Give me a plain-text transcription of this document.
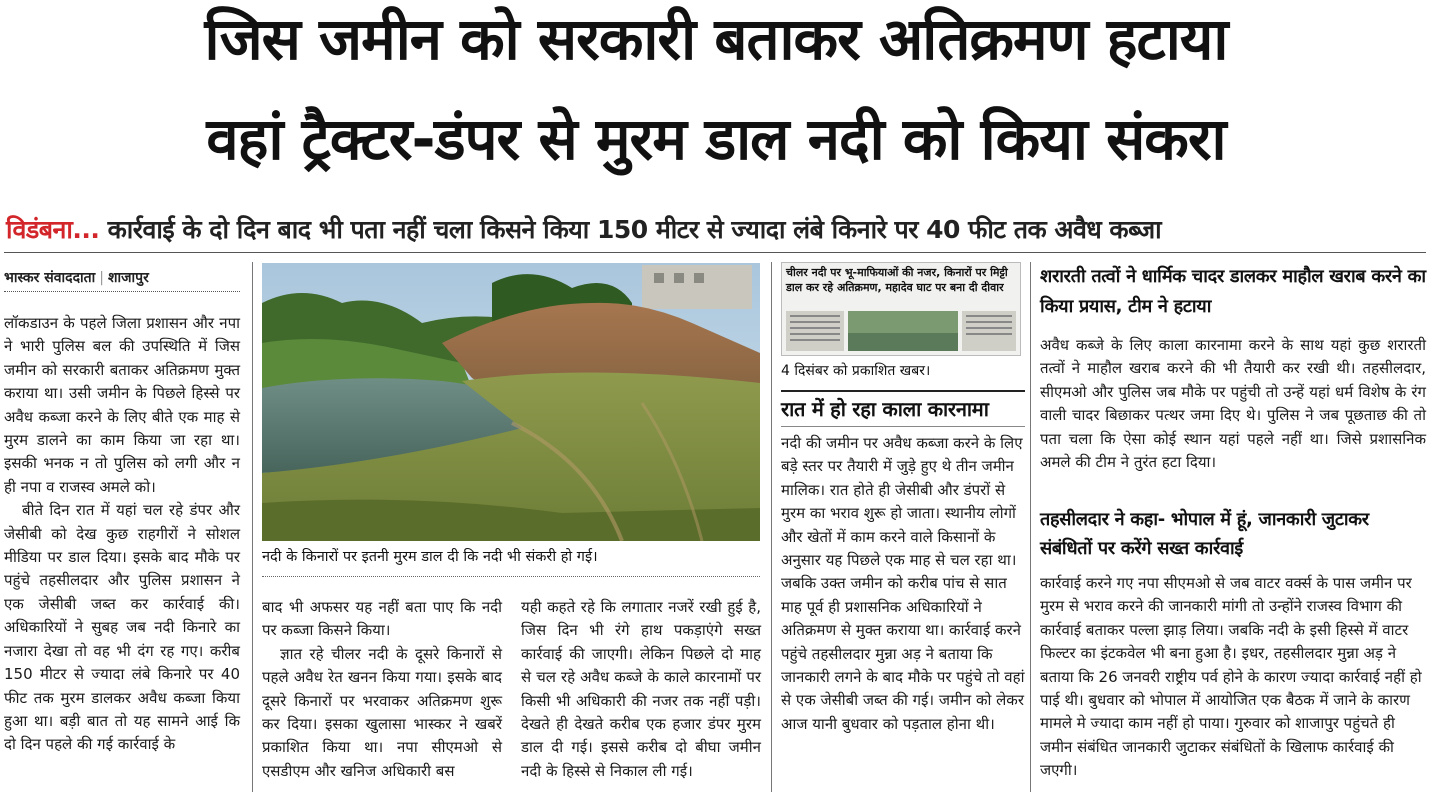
जिस जमीन को सरकारी बताकर अतिक्रमण हटाया
वहां ट्रैक्टर-डंपर से मुरम डाल नदी को किया संकरा
विडंबना... कार्रवाई के दो दिन बाद भी पता नहीं चला किसने किया 150 मीटर से ज्यादा लंबे किनारे पर 40 फीट तक अवैध कब्जा
भास्कर संवाददाता | शाजापुर

लॉकडाउन के पहले जिला प्रशासन और नपा ने भारी पुलिस बल की उपस्थिति में जिस जमीन को सरकारी बताकर अतिक्रमण मुक्त कराया था। उसी जमीन के पिछले हिस्से पर अवैध कब्जा करने के लिए बीते एक माह से मुरम डालने का काम किया जा रहा था। इसकी भनक न तो पुलिस को लगी और न ही नपा व राजस्व अमले को।

बीते दिन रात में यहां चल रहे डंपर और जेसीबी को देख कुछ राहगीरों ने सोशल मीडिया पर डाल दिया। इसके बाद मौके पर पहुंचे तहसीलदार और पुलिस प्रशासन ने एक जेसीबी जब्त कर कार्रवाई की। अधिकारियों ने सुबह जब नदी किनारे का नजारा देखा तो वह भी दंग रह गए। करीब 150 मीटर से ज्यादा लंबे किनारे पर 40 फीट तक मुरम डालकर अवैध कब्जा किया हुआ था। बड़ी बात तो यह सामने आई कि दो दिन पहले की गई कार्रवाई के

नदी के किनारों पर इतनी मुरम डाल दी कि नदी भी संकरी हो गई।

बाद भी अफसर यह नहीं बता पाए कि नदी पर कब्जा किसने किया।

ज्ञात रहे चीलर नदी के दूसरे किनारों से पहले अवैध रेत खनन किया गया। इसके बाद दूसरे किनारों पर भरवाकर अतिक्रमण शुरू कर दिया। इसका खुलासा भास्कर ने खबरें प्रकाशित किया था। नपा सीएमओ से एसडीएम और खनिज अधिकारी बस

यही कहते रहे कि लगातार नजरें रखी हुई है, जिस दिन भी रंगे हाथ पकड़ाएंगे सख्त कार्रवाई की जाएगी। लेकिन पिछले दो माह से चल रहे अवैध कब्जे के काले कारनामों पर किसी भी अधिकारी की नजर तक नहीं पड़ी। देखते ही देखते करीब एक हजार डंपर मुरम डाल दी गई। इससे करीब दो बीघा जमीन नदी के हिस्से से निकाल ली गई।

चीलर नदी पर भू-माफियाओं की नजर, किनारों पर मिट्टी डाल कर रहे अतिक्रमण, महादेव घाट पर बना दी दीवार
4 दिसंबर को प्रकाशित खबर।
रात में हो रहा काला कारनामा
नदी की जमीन पर अवैध कब्जा करने के लिए बड़े स्तर पर तैयारी में जुड़े हुए थे तीन जमीन मालिक। रात होते ही जेसीबी और डंपरों से मुरम का भराव शुरू हो जाता। स्थानीय लोगों और खेतों में काम करने वाले किसानों के अनुसार यह पिछले एक माह से चल रहा था। जबकि उक्त जमीन को करीब पांच से सात माह पूर्व ही प्रशासनिक अधिकारियों ने अतिक्रमण से मुक्त कराया था। कार्रवाई करने पहुंचे तहसीलदार मुन्ना अड़ ने बताया कि जानकारी लगने के बाद मौके पर पहुंचे तो वहां से एक जेसीबी जब्त की गई। जमीन को लेकर आज यानी बुधवार को पड़ताल होना थी।
शरारती तत्वों ने धार्मिक चादर डालकर माहौल खराब करने का किया प्रयास, टीम ने हटाया
अवैध कब्जे के लिए काला कारनामा करने के साथ यहां कुछ शरारती तत्वों ने माहौल खराब करने की भी तैयारी कर रखी थी। तहसीलदार, सीएमओ और पुलिस जब मौके पर पहुंची तो उन्हें यहां धर्म विशेष के रंग वाली चादर बिछाकर पत्थर जमा दिए थे। पुलिस ने जब पूछताछ की तो पता चला कि ऐसा कोई स्थान यहां पहले नहीं था। जिसे प्रशासनिक अमले की टीम ने तुरंत हटा दिया।
तहसीलदार ने कहा- भोपाल में हूं, जानकारी जुटाकर संबंधितों पर करेंगे सख्त कार्रवाई
कार्रवाई करने गए नपा सीएमओ से जब वाटर वर्क्स के पास जमीन पर मुरम से भराव करने की जानकारी मांगी तो उन्होंने राजस्व विभाग की कार्रवाई बताकर पल्ला झाड़ लिया। जबकि नदी के इसी हिस्से में वाटर फिल्टर का इंटकवेल भी बना हुआ है। इधर, तहसीलदार मुन्ना अड़ ने बताया कि 26 जनवरी राष्ट्रीय पर्व होने के कारण ज्यादा कार्रवाई नहीं हो पाई थी। बुधवार को भोपाल में आयोजित एक बैठक में जाने के कारण मामले मे ज्यादा काम नहीं हो पाया। गुरुवार को शाजापुर पहुंचते ही जमीन संबंधित जानकारी जुटाकर संबंधितों के खिलाफ कार्रवाई की जएगी।
